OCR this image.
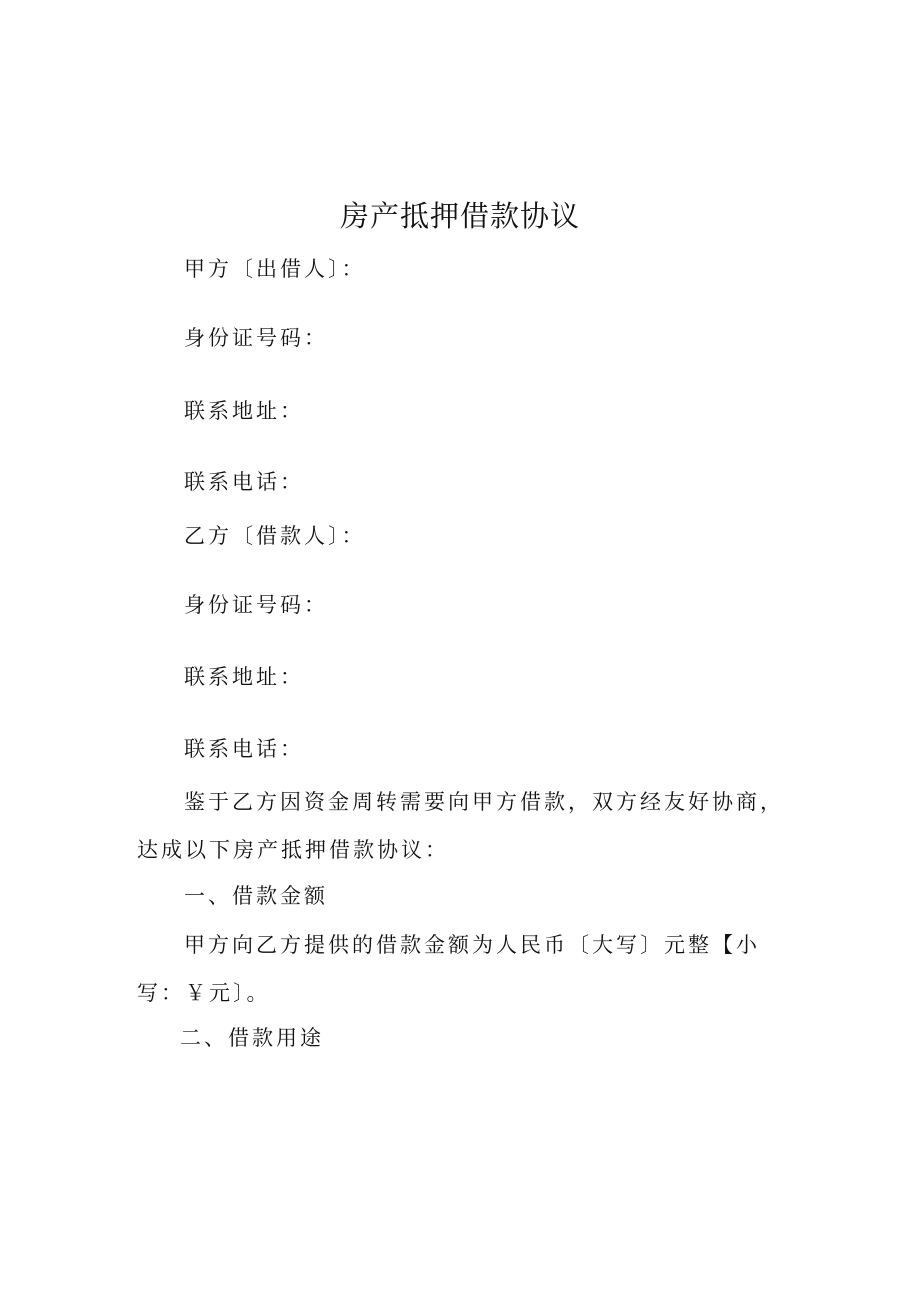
房产抵押借款协议
甲方〔出借人〕：
身份证号码：
联系地址：
联系电话：
乙方〔借款人〕：
身份证号码：
联系地址：
联系电话：
鉴于乙方因资金周转需要向甲方借款，双方经友好协商，达成以下房产抵押借款协议：
一、借款金额
甲方向乙方提供的借款金额为人民币〔大写〕元整【小写：￥元〕。
二、借款用途
